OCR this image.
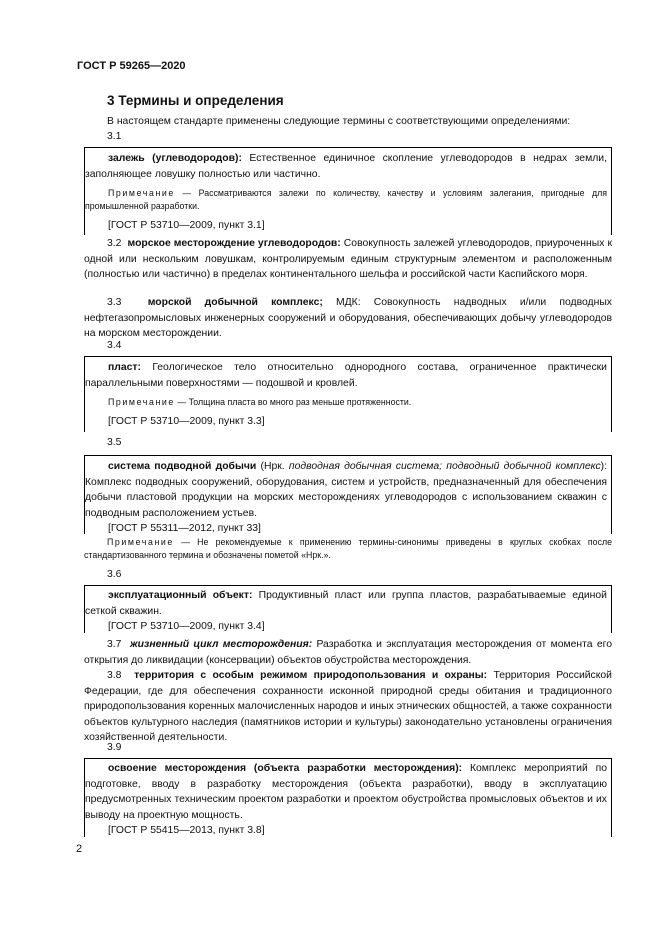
ГОСТ Р 59265—2020
3 Термины и определения
В настоящем стандарте применены следующие термины с соответствующими определениями:
3.1

залежь (углеводородов): Естественное единичное скопление углеводородов в недрах земли, заполняющее ловушку полностью или частично.

Примечание — Рассматриваются залежи по количеству, качеству и условиям залегания, пригодные для промышленной разработки.

[ГОСТ Р 53710—2009, пункт 3.1]

3.2 морское месторождение углеводородов: Совокупность залежей углеводородов, приуроченных к одной или нескольким ловушкам, контролируемым единым структурным элементом и расположенным (полностью или частично) в пределах континентального шельфа и российской части Каспийского моря.
3.3	морской добычной комплекс; МДК: Совокупность надводных и/или подводных нефтегазопромысловых инженерных сооружений и оборудования, обеспечивающих добычу углеводородов на морском месторождении.
3.4

пласт: Геологическое тело относительно однородного состава, ограниченное практически параллельными поверхностями — подошвой и кровлей.

Примечание — Толщина пласта во много раз меньше протяженности.

[ГОСТ Р 53710—2009, пункт 3.3]

3.5

система подводной добычи (Нрк. подводная добычная система; подводный добычной комплекс): Комплекс подводных сооружений, оборудования, систем и устройств, предназначенный для обеспечения добычи пластовой продукции на морских месторождениях углеводородов с использованием скважин с подводным расположением устьев.

[ГОСТ Р 55311—2012, пункт 33]

Примечание — Не рекомендуемые к применению термины-синонимы приведены в круглых скобках после стандартизованного термина и обозначены пометой «Нрк.».
3.6

эксплуатационный объект: Продуктивный пласт или группа пластов, разрабатываемые единой сеткой скважин.

[ГОСТ Р 53710—2009, пункт 3.4]

3.7 жизненный цикл месторождения: Разработка и эксплуатация месторождения от момента его открытия до ликвидации (консервации) объектов обустройства месторождения.
3.8 территория с особым режимом природопользования и охраны: Территория Российской Федерации, где для обеспечения сохранности исконной природной среды обитания и традиционного природопользования коренных малочисленных народов и иных этнических общностей, а также сохранности объектов культурного наследия (памятников истории и культуры) законодательно установлены ограничения хозяйственной деятельности.
3.9

освоение месторождения (объекта разработки месторождения): Комплекс мероприятий по подготовке, вводу в разработку месторождения (объекта разработки), вводу в эксплуатацию предусмотренных техническим проектом разработки и проектом обустройства промысловых объектов и их выводу на проектную мощность.

[ГОСТ Р 55415—2013, пункт 3.8]

2
